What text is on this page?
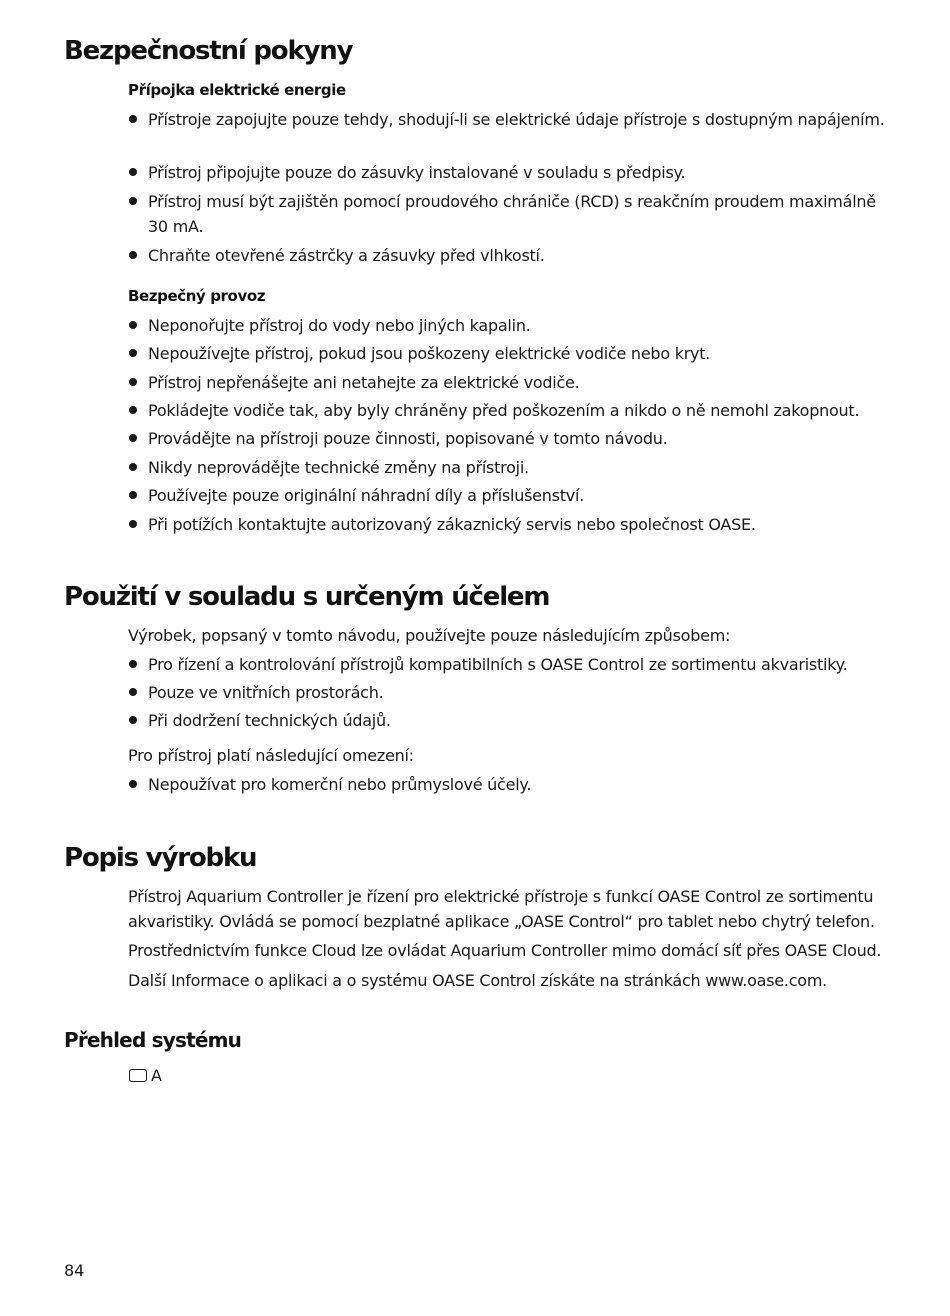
Bezpečnostní pokyny
Přípojka elektrické energie

Přístroje zapojujte pouze tehdy, shodují-li se elektrické údaje přístroje s dostupným napájením.

Přístroj připojujte pouze do zásuvky instalované v souladu s předpisy.

Přístroj musí být zajištěn pomocí proudového chrániče (RCD) s reakčním proudem maximálně 30 mA.

Chraňte otevřené zástrčky a zásuvky před vlhkostí.

Bezpečný provoz

Neponořujte přístroj do vody nebo jiných kapalin.

Nepoužívejte přístroj, pokud jsou poškozeny elektrické vodiče nebo kryt.

Přístroj nepřenášejte ani netahejte za elektrické vodiče.

Pokládejte vodiče tak, aby byly chráněny před poškozením a nikdo o ně nemohl zakopnout.

Provádějte na přístroji pouze činnosti, popisované v tomto návodu.

Nikdy neprovádějte technické změny na přístroji.

Používejte pouze originální náhradní díly a příslušenství.

Při potížích kontaktujte autorizovaný zákaznický servis nebo společnost OASE.

Použití v souladu s určeným účelem

Výrobek, popsaný v tomto návodu, používejte pouze následujícím způsobem:

Pro řízení a kontrolování přístrojů kompatibilních s OASE Control ze sortimentu akvaristiky.

Pouze ve vnitřních prostorách.

Při dodržení technických údajů.

Pro přístroj platí následující omezení:

Nepoužívat pro komerční nebo průmyslové účely.

Popis výrobku

Přístroj Aquarium Controller je řízení pro elektrické přístroje s funkcí OASE Control ze sortimentu akvaristiky. Ovládá se pomocí bezplatné aplikace „OASE Control“ pro tablet nebo chytrý telefon.

Prostřednictvím funkce Cloud lze ovládat Aquarium Controller mimo domácí síť přes OASE Cloud.

Další Informace o aplikaci a o systému OASE Control získáte na stránkách www.oase.com.

Přehled systému
A
84
